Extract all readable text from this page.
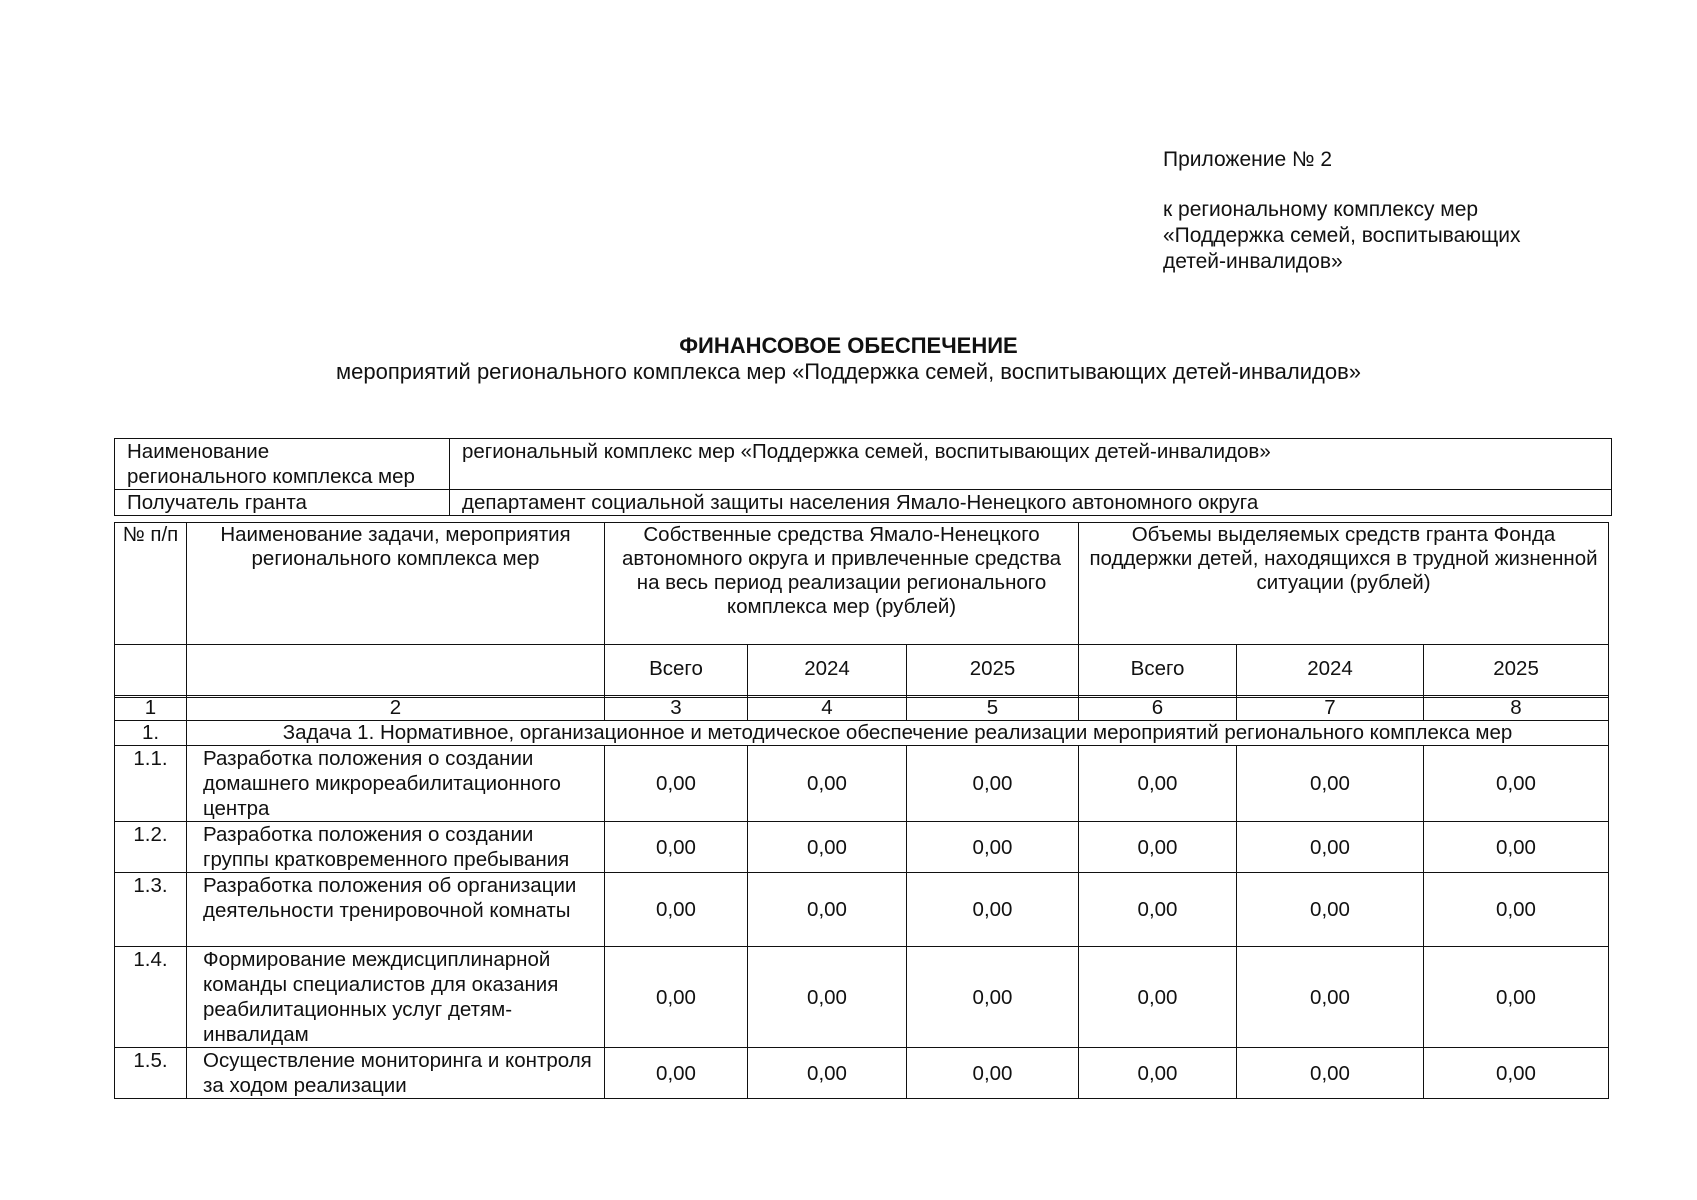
Приложение № 2
к региональному комплексу мер
«Поддержка семей, воспитывающих
детей-инвалидов»
ФИНАНСОВОЕ ОБЕСПЕЧЕНИЕ
мероприятий регионального комплекса мер «Поддержка семей, воспитывающих детей-инвалидов»
Наименование
регионального комплекса мер	региональный комплекс мер «Поддержка семей, воспитывающих детей-инвалидов»
Получатель гранта	департамент социальной защиты населения Ямало-Ненецкого автономного округа
№ п/п	Наименование задачи, мероприятия регионального комплекса мер	Собственные средства Ямало-Ненецкого автономного округа и привлеченные средства на весь период реализации регионального комплекса мер (рублей)			Объемы выделяемых средств гранта Фонда поддержки детей, находящихся в трудной жизненной ситуации (рублей)		
		Всего	2024	2025	Всего	2024	2025
1	2	3	4	5	6	7	8
1.	Задача 1. Нормативное, организационное и методическое обеспечение реализации мероприятий регионального комплекса мер						
1.1.	Разработка положения о создании домашнего микрореабилитационного центра	0,00	0,00	0,00	0,00	0,00	0,00
1.2.	Разработка положения о создании группы кратковременного пребывания	0,00	0,00	0,00	0,00	0,00	0,00
1.3.	Разработка положения об организации деятельности тренировочной комнаты	0,00	0,00	0,00	0,00	0,00	0,00
1.4.	Формирование междисциплинарной команды специалистов для оказания реабилитационных услуг детям-инвалидам	0,00	0,00	0,00	0,00	0,00	0,00
1.5.	Осуществление мониторинга и контроля за ходом реализации	0,00	0,00	0,00	0,00	0,00	0,00
